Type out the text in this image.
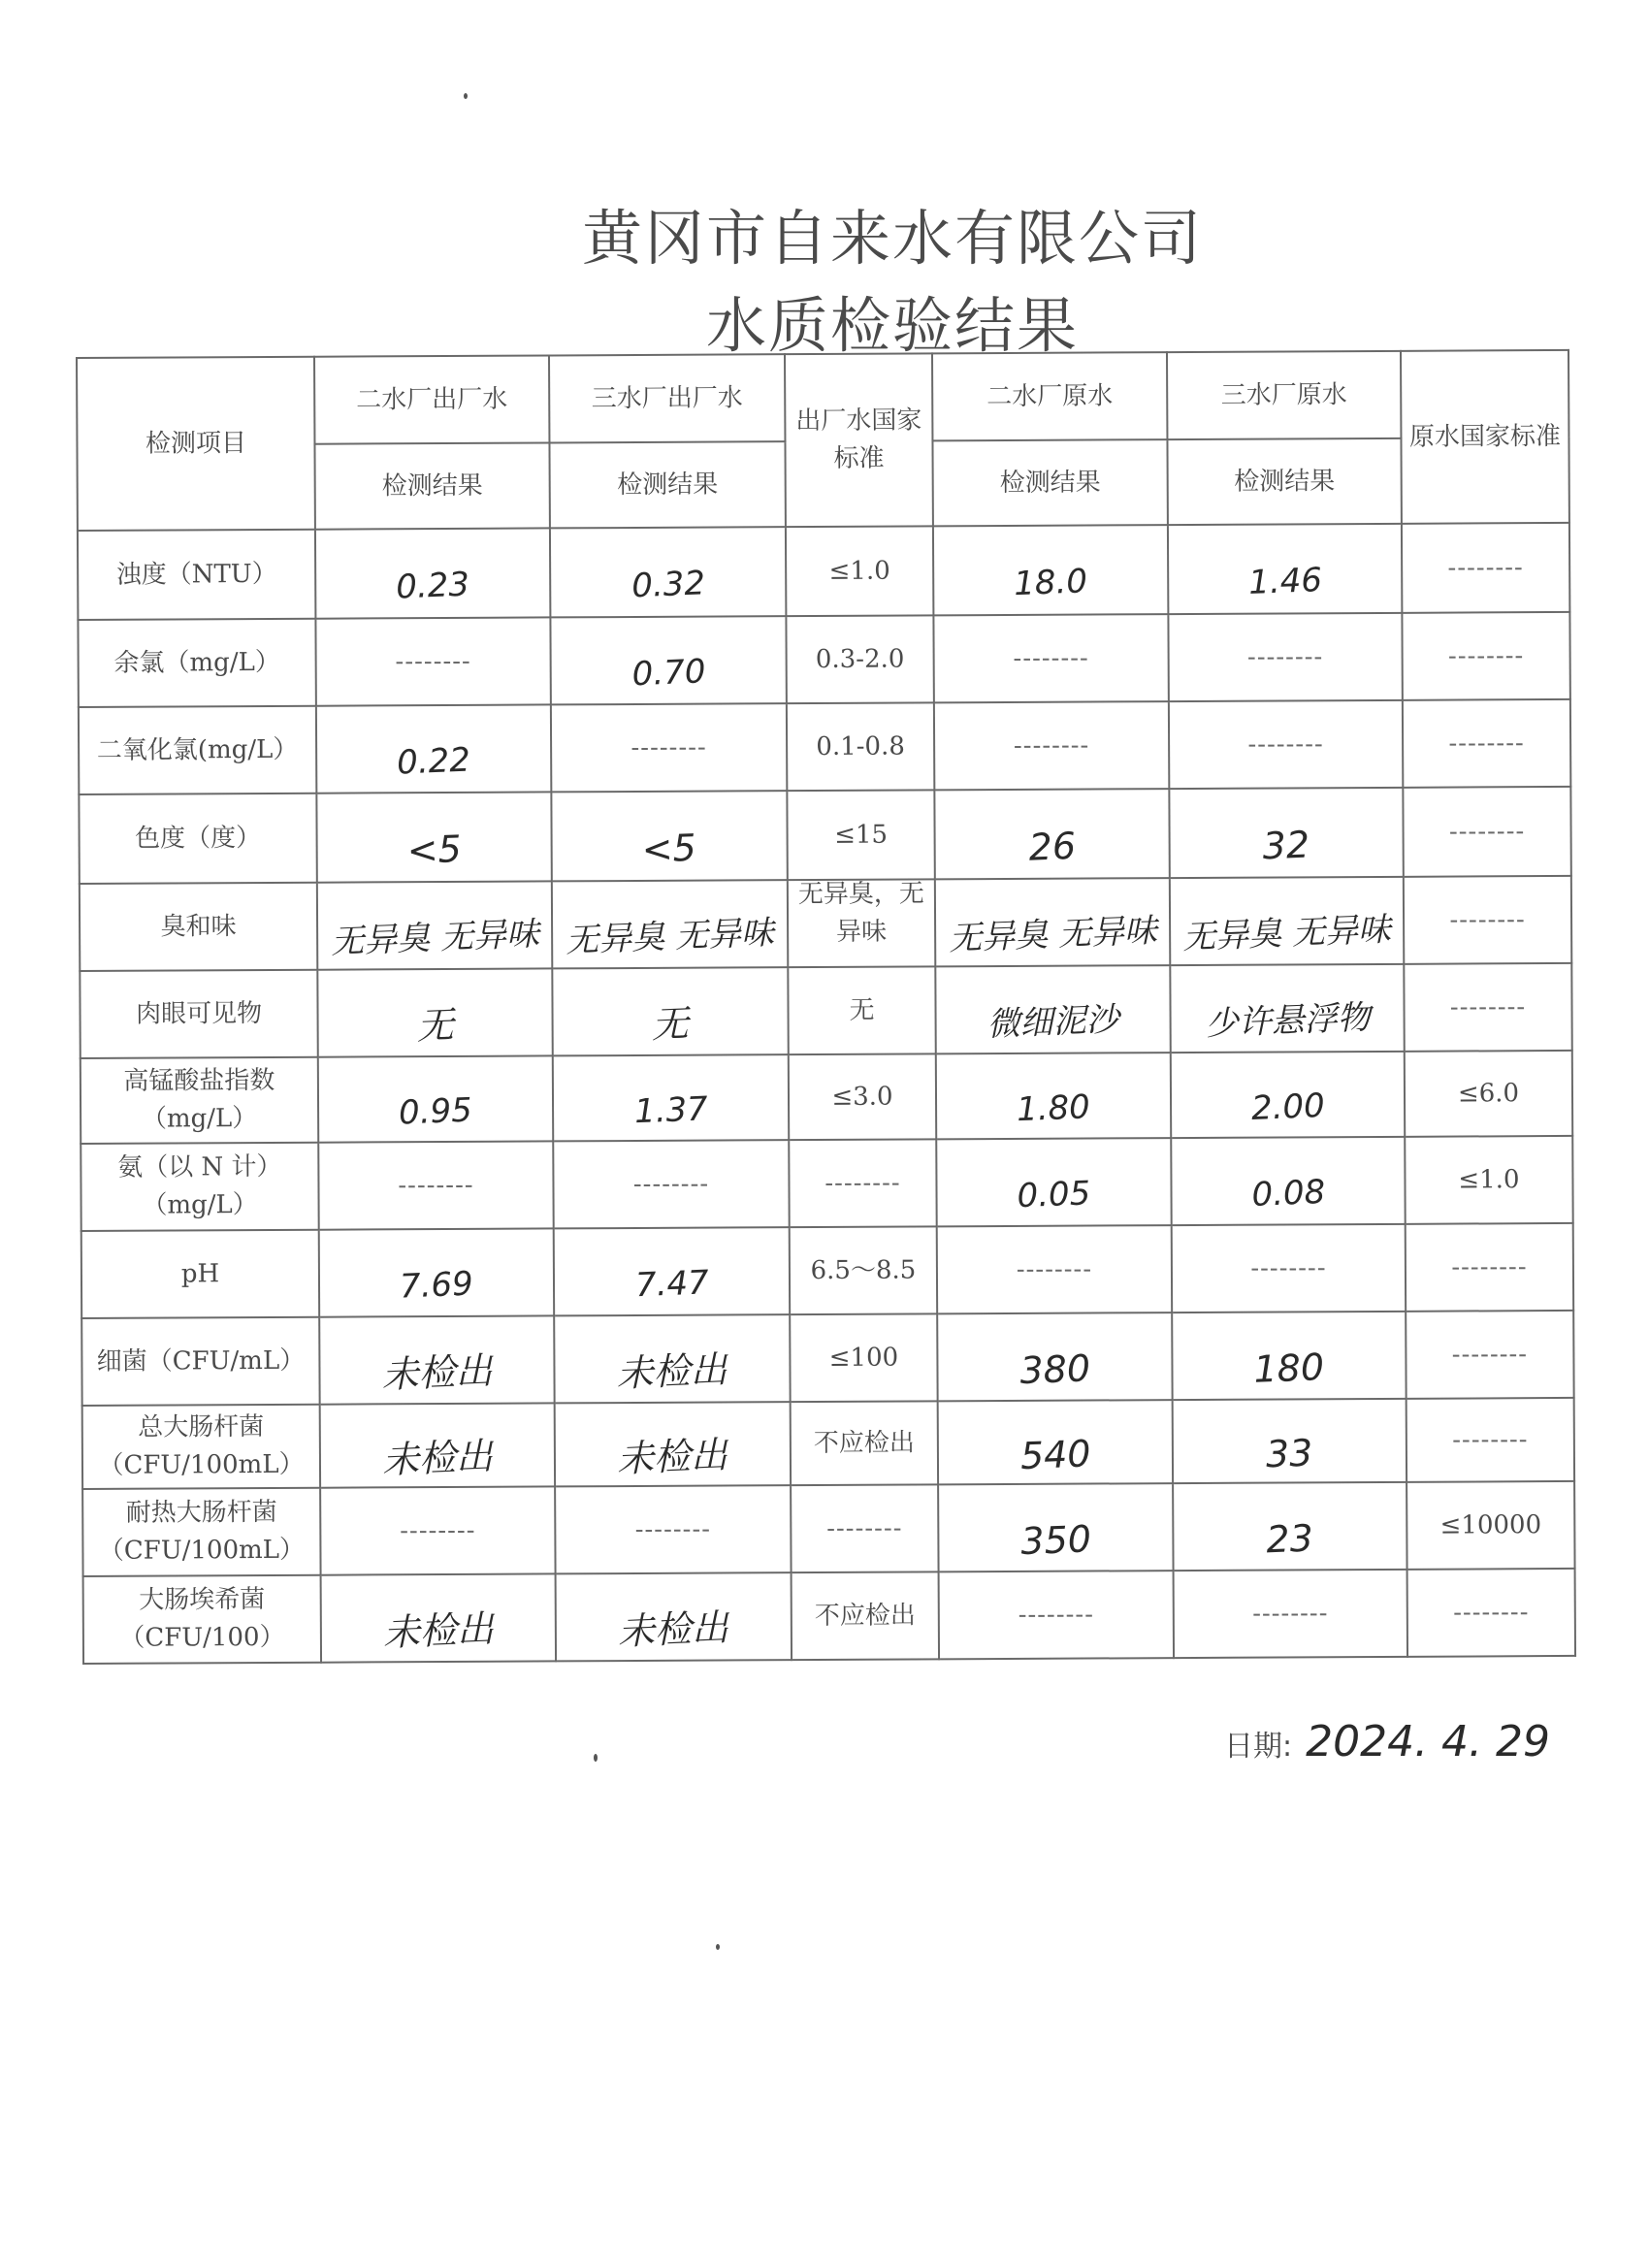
黄冈市自来水有限公司
水质检验结果
检测项目	二水厂出厂水	三水厂出厂水	出厂水国家标准	二水厂原水	三水厂原水	原水国家标准
	检测结果	检测结果		检测结果	检测结果	
浊度（NTU）	0.23	0.32	≤1.0	18.0	1.46	--------
余氯（mg/L）	--------	0.70	0.3-2.0	--------	--------	--------
二氧化氯(mg/L）	0.22	--------	0.1-0.8	--------	--------	--------
色度（度）	<5	<5	≤15	26	32	--------
臭和味	无异臭 无异味	无异臭 无异味	无异臭，无异味	无异臭 无异味	无异臭 无异味	--------
肉眼可见物	无	无	无	微细泥沙	少许悬浮物	--------
高锰酸盐指数（mg/L）	0.95	1.37	≤3.0	1.80	2.00	≤6.0
氨（以 N 计）（mg/L）	--------	--------	--------	0.05	0.08	≤1.0
pH	7.69	7.47	6.5～8.5	--------	--------	--------
细菌（CFU/mL）	未检出	未检出	≤100	380	180	--------
总大肠杆菌（CFU/100mL）	未检出	未检出	不应检出	540	33	--------
耐热大肠杆菌（CFU/100mL）	--------	--------	--------	350	23	≤10000
大肠埃希菌（CFU/100）	未检出	未检出	不应检出	--------	--------	--------
日期: 2024. 4. 29
